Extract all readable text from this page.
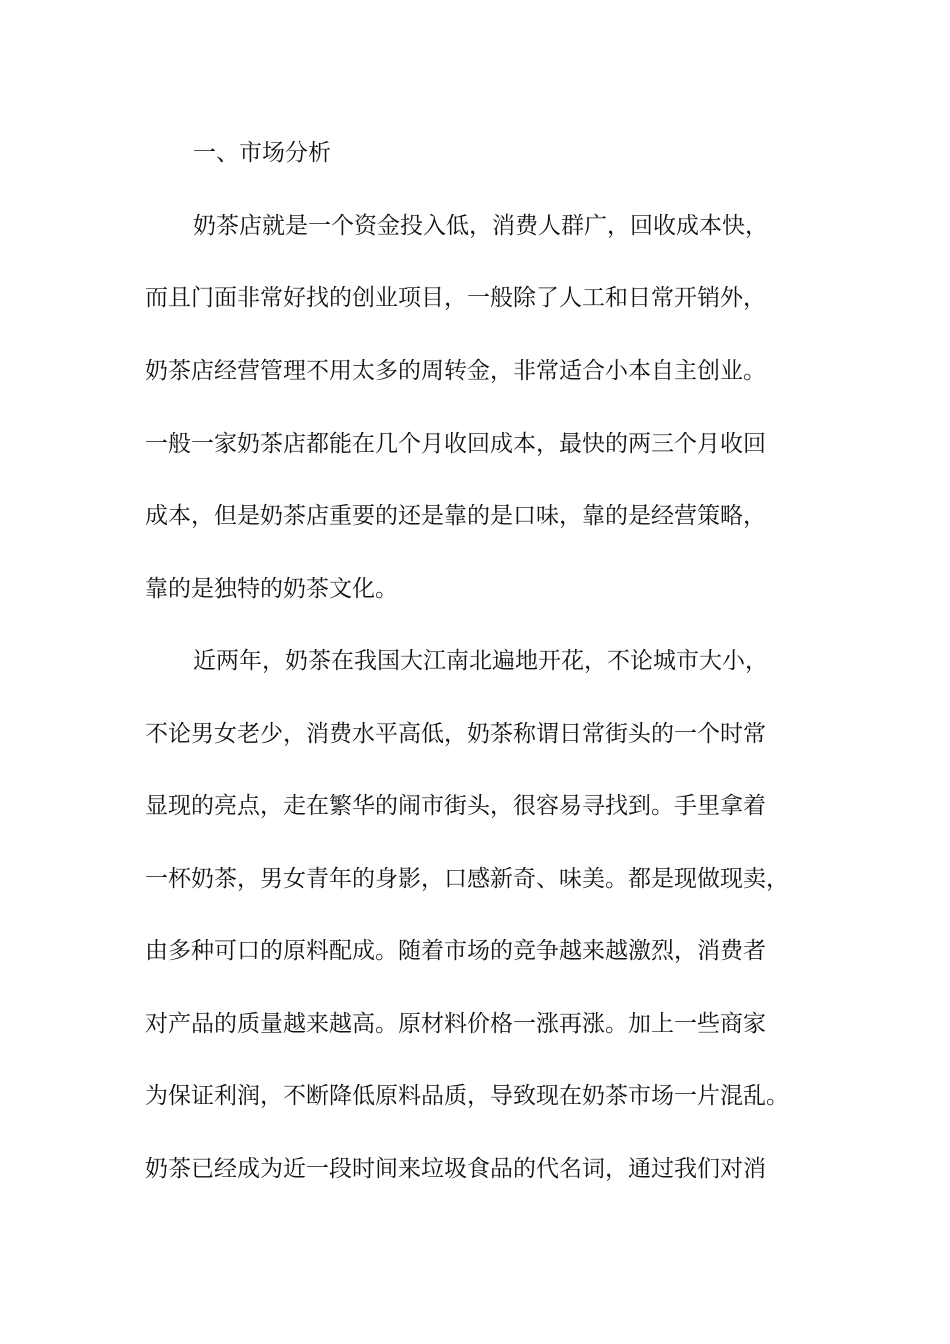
一、市场分析
奶茶店就是一个资金投入低，消费人群广，回收成本快，
而且门面非常好找的创业项目，一般除了人工和日常开销外，
奶茶店经营管理不用太多的周转金，非常适合小本自主创业。
一般一家奶茶店都能在几个月收回成本，最快的两三个月收回
成本，但是奶茶店重要的还是靠的是口味，靠的是经营策略，
靠的是独特的奶茶文化。
近两年，奶茶在我国大江南北遍地开花，不论城市大小，
不论男女老少，消费水平高低，奶茶称谓日常街头的一个时常
显现的亮点，走在繁华的闹市街头，很容易寻找到。手里拿着
一杯奶茶，男女青年的身影，口感新奇、味美。都是现做现卖，
由多种可口的原料配成。随着市场的竞争越来越激烈，消费者
对产品的质量越来越高。原材料价格一涨再涨。加上一些商家
为保证利润，不断降低原料品质，导致现在奶茶市场一片混乱。
奶茶已经成为近一段时间来垃圾食品的代名词，通过我们对消
